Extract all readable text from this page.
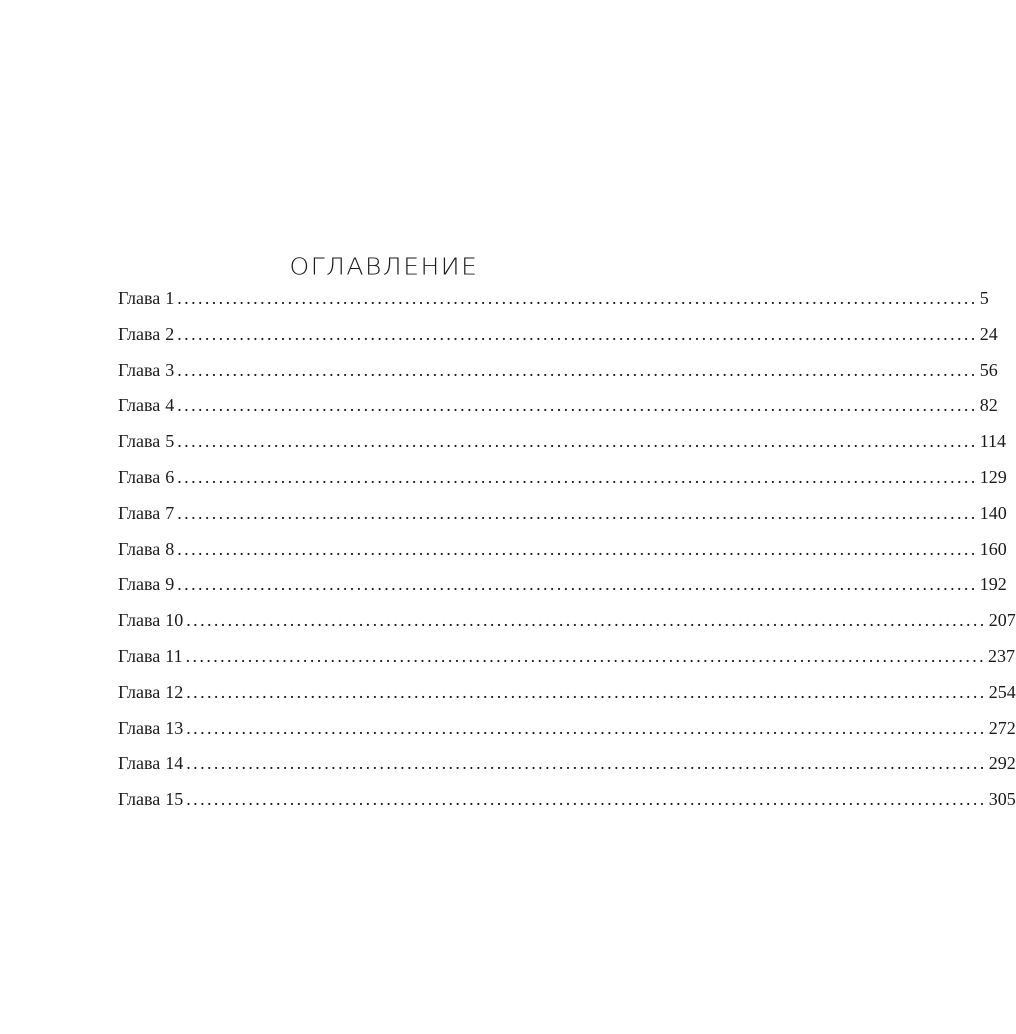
ОГЛАВЛЕНИЕ
Глава 1 .................................................................................................................... 5
Глава 2 .................................................................................................................... 24
Глава 3 .................................................................................................................... 56
Глава 4 .................................................................................................................... 82
Глава 5 .................................................................................................................... 114
Глава 6 .................................................................................................................... 129
Глава 7 .................................................................................................................... 140
Глава 8 .................................................................................................................... 160
Глава 9 .................................................................................................................... 192
Глава 10 .................................................................................................................... 207
Глава 11 .................................................................................................................... 237
Глава 12 .................................................................................................................... 254
Глава 13 .................................................................................................................... 272
Глава 14 .................................................................................................................... 292
Глава 15 .................................................................................................................... 305
